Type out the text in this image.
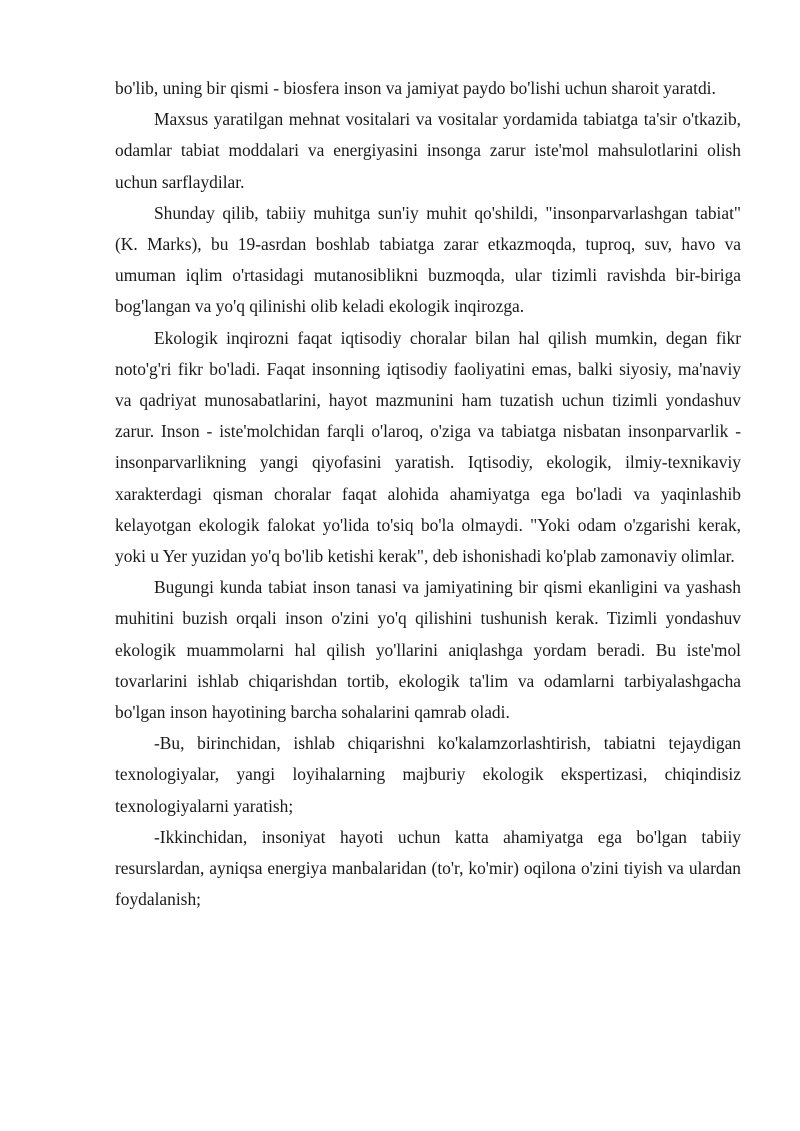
bo'lib, uning bir qismi - biosfera inson va jamiyat paydo bo'lishi uchun sharoit yaratdi.

Maxsus yaratilgan mehnat vositalari va vositalar yordamida tabiatga ta'sir o'tkazib, odamlar tabiat moddalari va energiyasini insonga zarur iste'mol mahsulotlarini olish uchun sarflaydilar.

Shunday qilib, tabiiy muhitga sun'iy muhit qo'shildi, "insonparvarlashgan tabiat" (K. Marks), bu 19-asrdan boshlab tabiatga zarar etkazmoqda, tuproq, suv, havo va umuman iqlim o'rtasidagi mutanosiblikni buzmoqda, ular tizimli ravishda bir-biriga bog'langan va yo'q qilinishi olib keladi ekologik inqirozga.

Ekologik inqirozni faqat iqtisodiy choralar bilan hal qilish mumkin, degan fikr noto'g'ri fikr bo'ladi. Faqat insonning iqtisodiy faoliyatini emas, balki siyosiy, ma'naviy va qadriyat munosabatlarini, hayot mazmunini ham tuzatish uchun tizimli yondashuv zarur. Inson - iste'molchidan farqli o'laroq, o'ziga va tabiatga nisbatan insonparvarlik - insonparvarlikning yangi qiyofasini yaratish. Iqtisodiy, ekologik, ilmiy-texnikaviy xarakterdagi qisman choralar faqat alohida ahamiyatga ega bo'ladi va yaqinlashib kelayotgan ekologik falokat yo'lida to'siq bo'la olmaydi. "Yoki odam o'zgarishi kerak, yoki u Yer yuzidan yo'q bo'lib ketishi kerak", deb ishonishadi ko'plab zamonaviy olimlar.

Bugungi kunda tabiat inson tanasi va jamiyatining bir qismi ekanligini va yashash muhitini buzish orqali inson o'zini yo'q qilishini tushunish kerak. Tizimli yondashuv ekologik muammolarni hal qilish yo'llarini aniqlashga yordam beradi. Bu iste'mol tovarlarini ishlab chiqarishdan tortib, ekologik ta'lim va odamlarni tarbiyalashgacha bo'lgan inson hayotining barcha sohalarini qamrab oladi.

-Bu, birinchidan, ishlab chiqarishni ko'kalamzorlashtirish, tabiatni tejaydigan texnologiyalar, yangi loyihalarning majburiy ekologik ekspertizasi, chiqindisiz texnologiyalarni yaratish;

-Ikkinchidan, insoniyat hayoti uchun katta ahamiyatga ega bo'lgan tabiiy resurslardan, ayniqsa energiya manbalaridan (to'r, ko'mir) oqilona o'zini tiyish va ulardan foydalanish;
